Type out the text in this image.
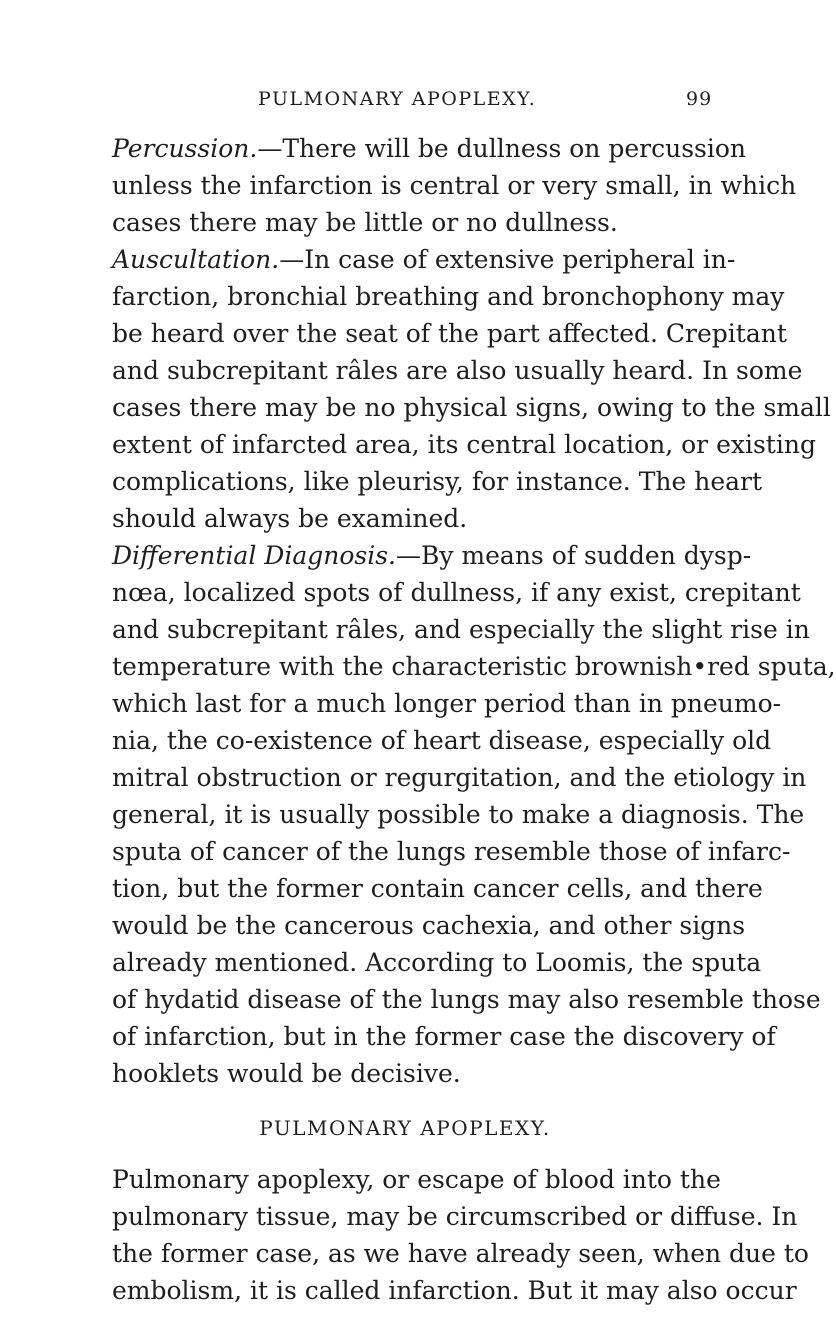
PULMONARY APOPLEXY.	99
Percussion.—There will be dullness on percussion
unless the infarction is central or very small, in which
cases there may be little or no dullness.
Auscultation.—In case of extensive peripheral in-
farction, bronchial breathing and bronchophony may
be heard over the seat of the part affected. Crepitant
and subcrepitant râles are also usually heard. In some
cases there may be no physical signs, owing to the small
extent of infarcted area, its central location, or existing
complications, like pleurisy, for instance. The heart
should always be examined.
Differential Diagnosis.—By means of sudden dysp-
nœa, localized spots of dullness, if any exist, crepitant
and subcrepitant râles, and especially the slight rise in
temperature with the characteristic brownish•red sputa,
which last for a much longer period than in pneumo-
nia, the co-existence of heart disease, especially old
mitral obstruction or regurgitation, and the etiology in
general, it is usually possible to make a diagnosis. The
sputa of cancer of the lungs resemble those of infarc-
tion, but the former contain cancer cells, and there
would be the cancerous cachexia, and other signs
already mentioned. According to Loomis, the sputa
of hydatid disease of the lungs may also resemble those
of infarction, but in the former case the discovery of
hooklets would be decisive.
PULMONARY APOPLEXY.
Pulmonary apoplexy, or escape of blood into the
pulmonary tissue, may be circumscribed or diffuse. In
the former case, as we have already seen, when due to
embolism, it is called infarction. But it may also occur
